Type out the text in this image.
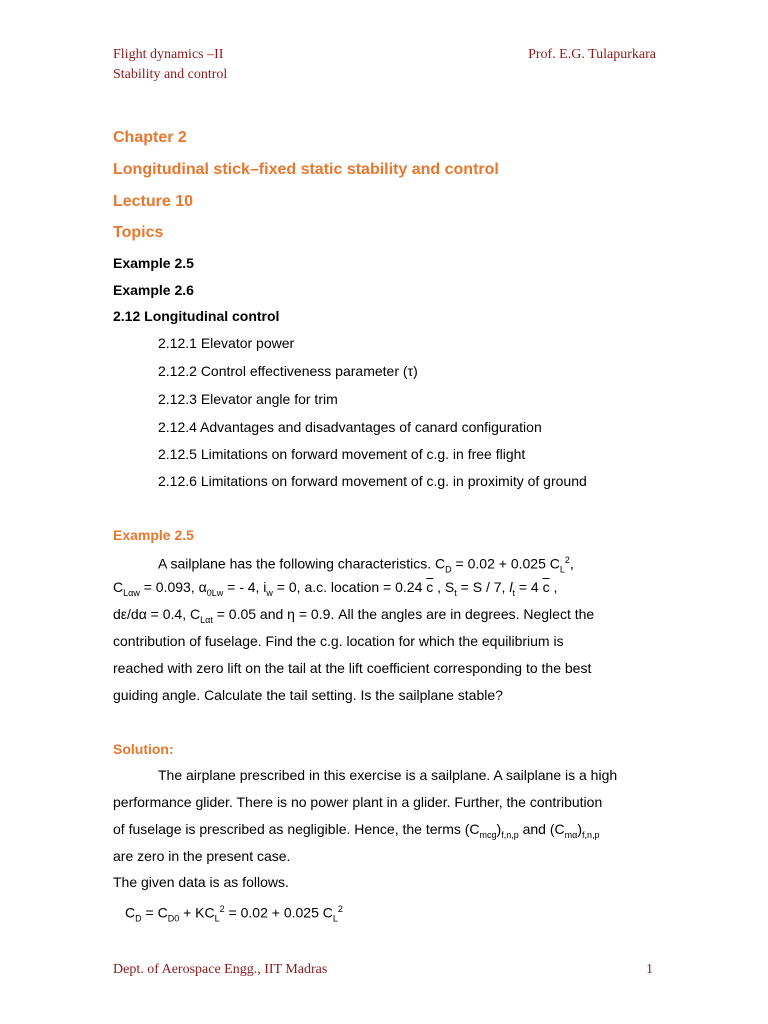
Flight dynamics –II
Stability and control
Prof. E.G. Tulapurkara
Chapter 2
Longitudinal stick–fixed static stability and control
Lecture 10
Topics
Example 2.5
Example 2.6
2.12 Longitudinal control
2.12.1 Elevator power
2.12.2 Control effectiveness parameter (τ)
2.12.3 Elevator angle for trim
2.12.4 Advantages and disadvantages of canard configuration
2.12.5 Limitations on forward movement of c.g. in free flight
2.12.6 Limitations on forward movement of c.g. in proximity of ground
Example 2.5
A sailplane has the following characteristics. $C_D = 0.02 + 0.025$ $C_L^2$,
$C_{L\alpha w} = 0.093$, $\alpha_{0Lw}$ = - 4, $i_w = 0$, a.c. location = 0.24 $\overline{c}$ , $S_t = S / 7$, $l_t = 4$ $\overline{c}$ ,
dε/dα = 0.4, $C_{L\alpha t} = 0.05$ and η = 0.9. All the angles are in degrees. Neglect the
contribution of fuselage. Find the c.g. location for which the equilibrium is
reached with zero lift on the tail at the lift coefficient corresponding to the best
guiding angle. Calculate the tail setting. Is the sailplane stable?
Solution:
The airplane prescribed in this exercise is a sailplane. A sailplane is a high
performance glider. There is no power plant in a glider. Further, the contribution
of fuselage is prescribed as negligible. Hence, the terms $(C_{mcg})_{f,n,p}$ and $(C_{m\alpha})_{f,n,p}$
are zero in the present case.
The given data is as follows.
$C_D = C_{D0} + KC_L^2 = 0.02 + 0.025$ $C_L^2$
Dept. of Aerospace Engg., IIT Madras	1
